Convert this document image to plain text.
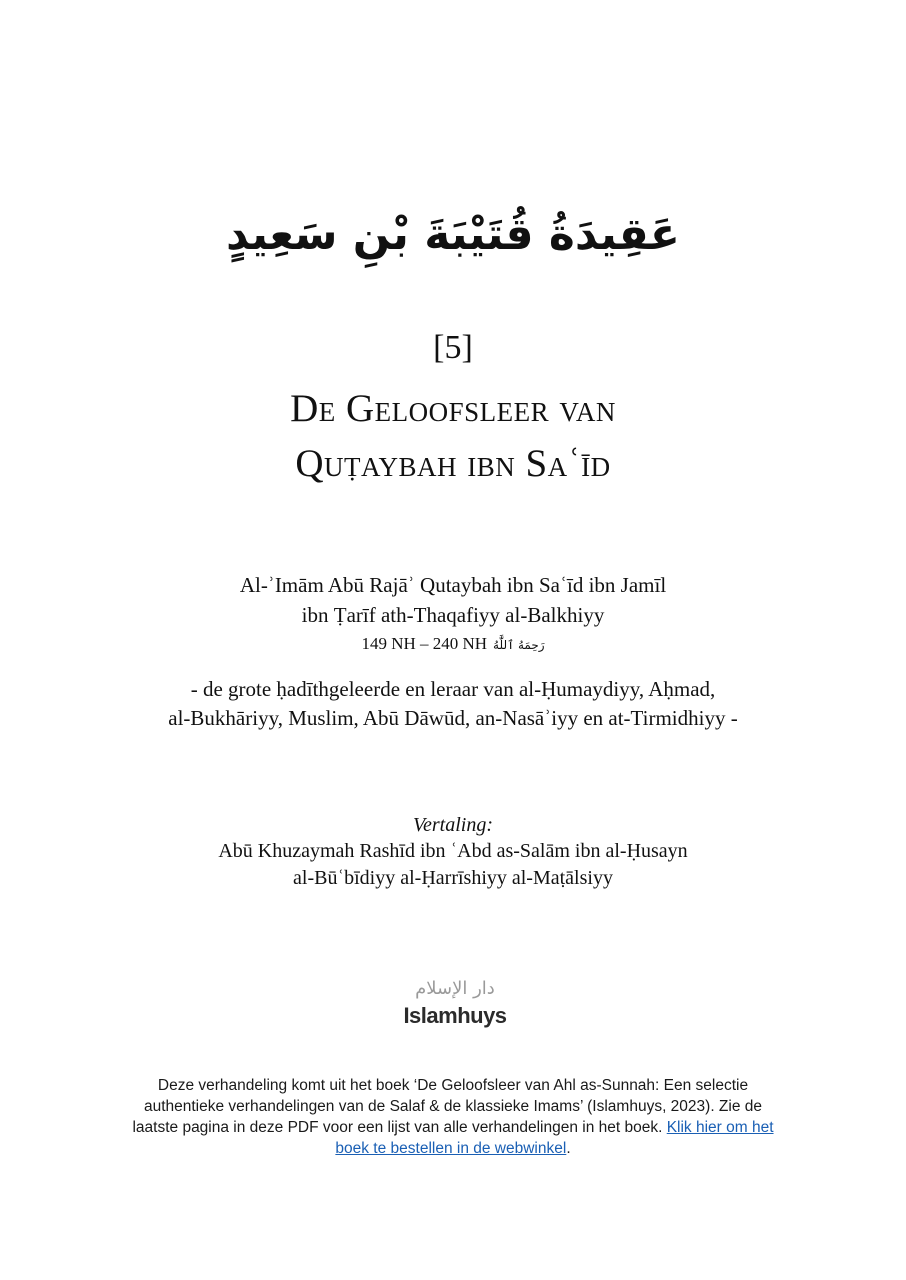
عَقِيدَةُ قُتَيْبَةَ بْنِ سَعِيدٍ
[5]
De Geloofsleer van
Quṭaybah ibn Saʿīd
Al-ʾImām Abū Rajāʾ Qutaybah ibn Saʿīd ibn Jamīl
ibn Ṭarīf ath-Thaqafiyy al-Balkhiyy
149 NH – 240 NH رَحِمَهُ ٱللَّٰهُ
- de grote ḥadīthgeleerde en leraar van al-Ḥumaydiyy, Aḥmad,
al-Bukhāriyy, Muslim, Abū Dāwūd, an-Nasāʾiyy en at-Tirmidhiyy -
Vertaling:
Abū Khuzaymah Rashīd ibn ʿAbd as-Salām ibn al-Ḥusayn
al-Būʿbīdiyy al-Ḥarrīshiyy al-Maṭālsiyy
دار الإسلام
Islamhuys
Deze verhandeling komt uit het boek ‘De Geloofsleer van Ahl as-Sunnah: Een selectie authentieke verhandelingen van de Salaf & de klassieke Imams’ (Islamhuys, 2023). Zie de laatste pagina in deze PDF voor een lijst van alle verhandelingen in het boek. Klik hier om het boek te bestellen in de webwinkel.
